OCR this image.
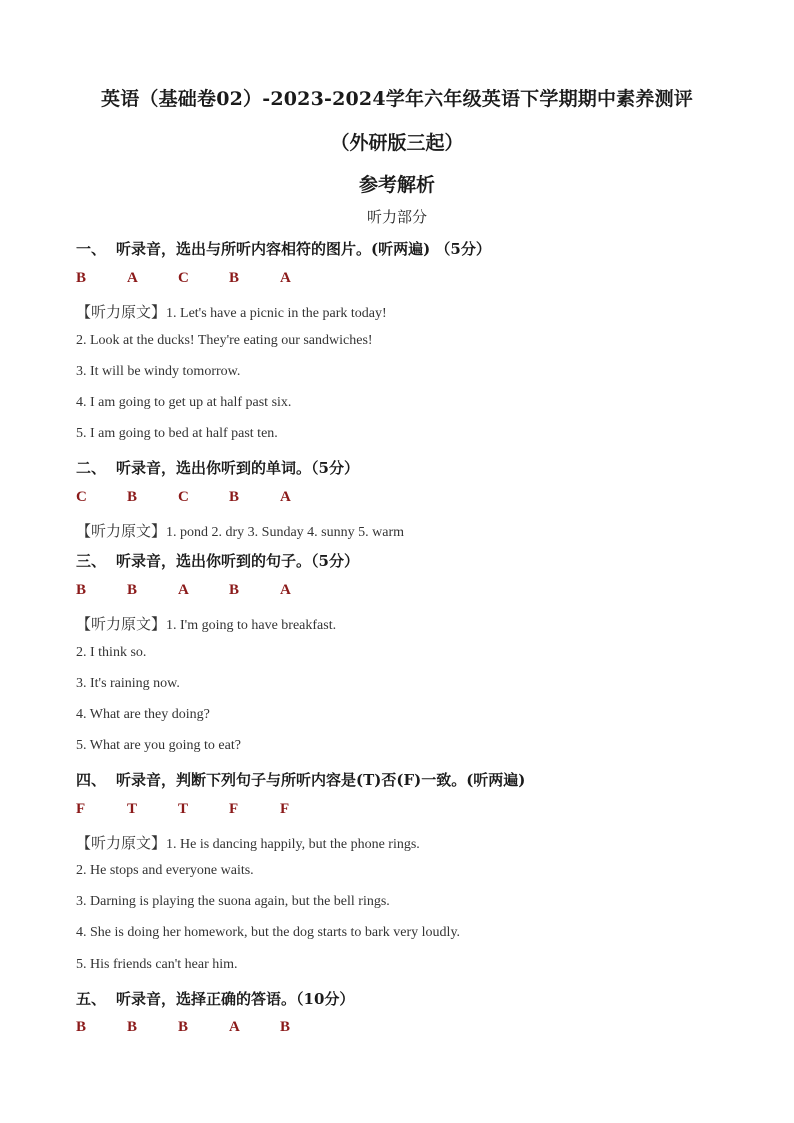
英语（基础卷02）-2023-2024学年六年级英语下学期期中素养测评
（外研版三起）
参考解析
听力部分
一、 听录音，选出与所听内容相符的图片。(听两遍) （5分）
B	A	C	B	A
【听力原文】1. Let's have a picnic in the park today!
2. Look at the ducks! They're eating our sandwiches!
3. It will be windy tomorrow.
4. I am going to get up at half past six.
5. I am going to bed at half past ten.
二、 听录音，选出你听到的单词。（5分）
C	B	C	B	A
【听力原文】1. pond 2. dry 3. Sunday 4. sunny 5. warm
三、 听录音，选出你听到的句子。（5分）
B	B	A	B	A
【听力原文】1. I'm going to have breakfast.
2. I think so.
3. It's raining now.
4. What are they doing?
5. What are you going to eat?
四、 听录音，判断下列句子与所听内容是(T)否(F)一致。(听两遍)
F	T	T	F	F
【听力原文】1. He is dancing happily, but the phone rings.
2. He stops and everyone waits.
3. Darning is playing the suona again, but the bell rings.
4. She is doing her homework, but the dog starts to bark very loudly.
5. His friends can't hear him.
五、 听录音，选择正确的答语。（10分）
B	B	B	A	B
